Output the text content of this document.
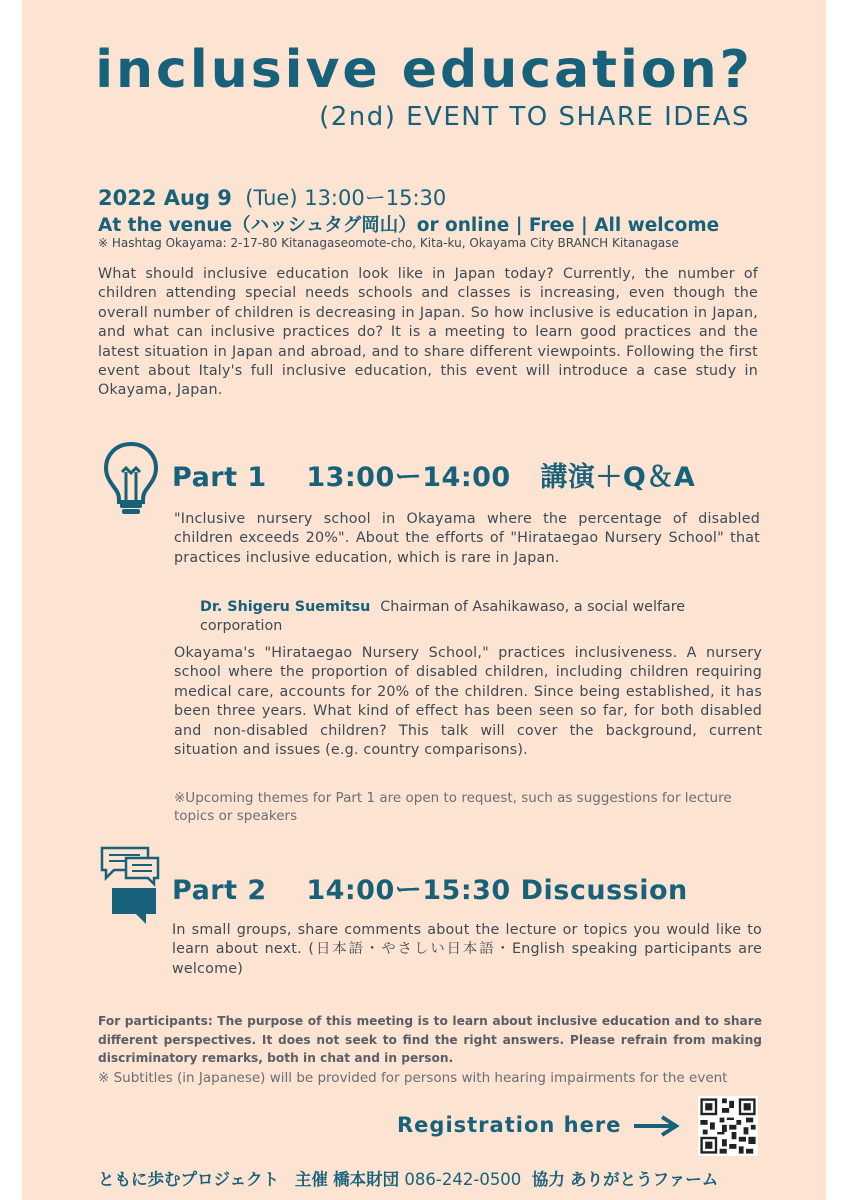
inclusive education?
(2nd) EVENT TO SHARE IDEAS
2022 Aug 9 (Tue) 13:00ー15:30
At the venue（ハッシュタグ岡山）or online | Free | All welcome
※ Hashtag Okayama: 2-17-80 Kitanagaseomote-cho, Kita-ku, Okayama City BRANCH Kitanagase

What should inclusive education look like in Japan today? Currently, the number of children attending special needs schools and classes is increasing, even though the overall number of children is decreasing in Japan. So how inclusive is education in Japan, and what can inclusive practices do? It is a meeting to learn good practices and the latest situation in Japan and abroad, and to share different viewpoints. Following the first event about Italy's full inclusive education, this event will introduce a case study in Okayama, Japan.

Part 1 13:00ー14:00 講演＋Q＆A

"Inclusive nursery school in Okayama where the percentage of disabled children exceeds 20%". About the efforts of "Hirataegao Nursery School" that practices inclusive education, which is rare in Japan.

Dr. Shigeru Suemitsu Chairman of Asahikawaso, a social welfare corporation

Okayama's "Hirataegao Nursery School," practices inclusiveness. A nursery school where the proportion of disabled children, including children requiring medical care, accounts for 20% of the children. Since being established, it has been three years. What kind of effect has been seen so far, for both disabled and non-disabled children? This talk will cover the background, current situation and issues (e.g. country comparisons).

※Upcoming themes for Part 1 are open to request, such as suggestions for lecture topics or speakers

Part 2 14:00ー15:30 Discussion

In small groups, share comments about the lecture or topics you would like to learn about next. (日本語・やさしい日本語・English speaking participants are welcome)

For participants: The purpose of this meeting is to learn about inclusive education and to share different perspectives. It does not seek to find the right answers. Please refrain from making discriminatory remarks, both in chat and in person.

※ Subtitles (in Japanese) will be provided for persons with hearing impairments for the event
Registration here
ともに歩むプロジェクト 主催 橋本財団 086-242-0500 協力 ありがとうファーム
